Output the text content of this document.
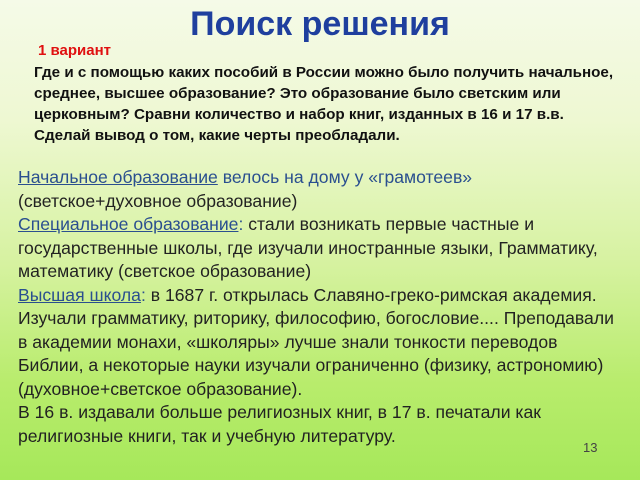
Поиск решения
1 вариант
Где и с помощью каких пособий в России можно было получить начальное, среднее, высшее образование? Это образование было светским или церковным? Сравни количество и набор книг, изданных в 16 и 17 в.в. Сделай вывод о том, какие черты преобладали.

Начальное образование велось на дому у «грамотеев»
(светское+духовное образование)

Специальное образование: стали возникать первые частные и государственные школы, где изучали иностранные языки, Грамматику, математику (светское образование)

Высшая школа: в 1687 г. открылась Славяно-греко-римская академия. Изучали грамматику, риторику, философию, богословие.... Преподавали в академии монахи, «школяры» лучше знали тонкости переводов Библии, а некоторые науки изучали ограниченно (физику, астрономию) (духовное+светское образование).

В 16 в. издавали больше религиозных книг, в 17 в. печатали как религиозные книги, так и учебную литературу.

13
